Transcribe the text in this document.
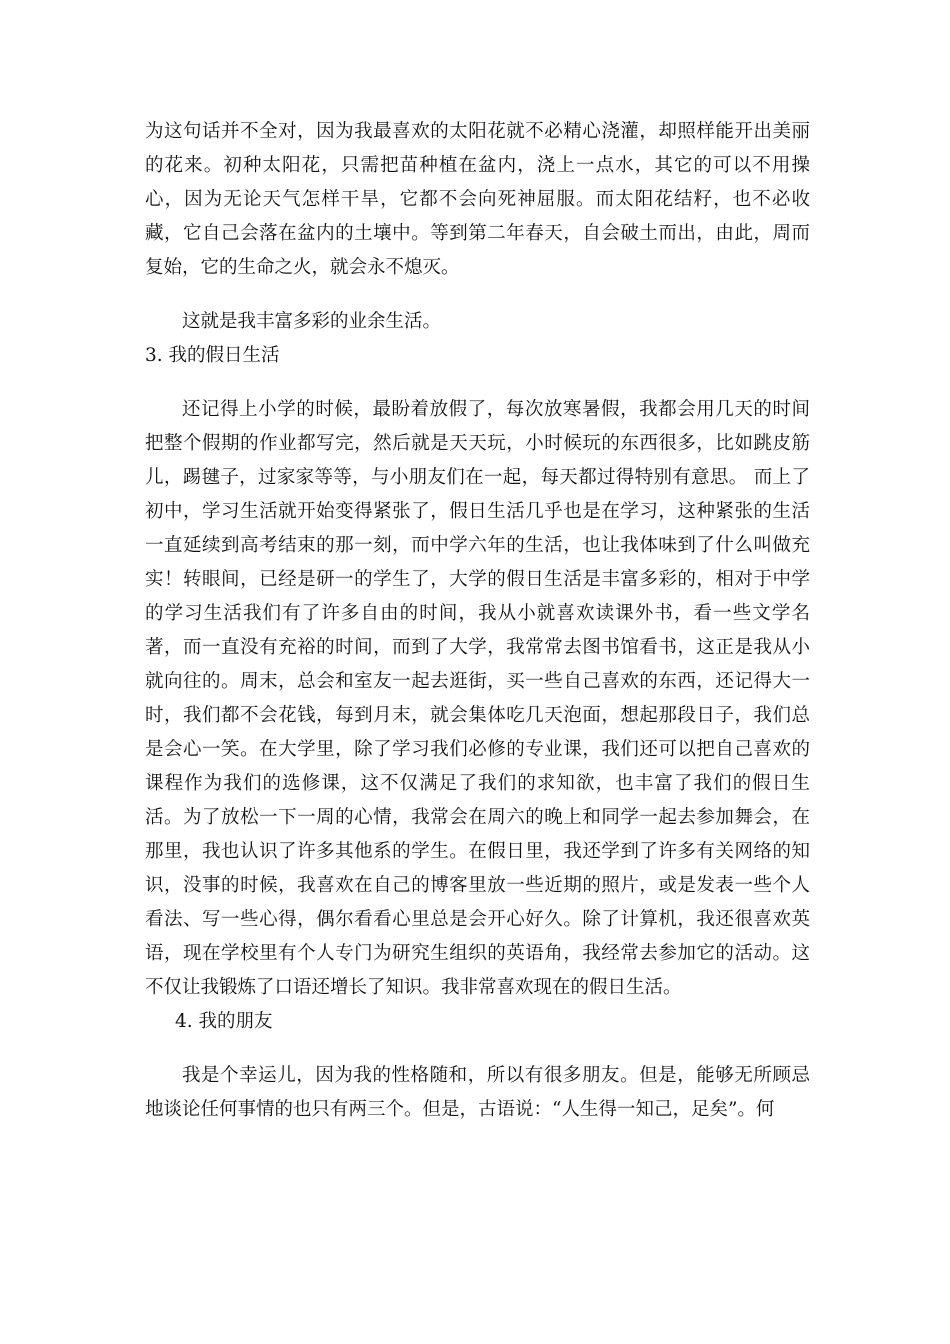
为这句话并不全对，因为我最喜欢的太阳花就不必精心浇灌，却照样能开出美丽的花来。初种太阳花，只需把苗种植在盆内，浇上一点水，其它的可以不用操心，因为无论天气怎样干旱，它都不会向死神屈服。而太阳花结籽，也不必收藏，它自己会落在盆内的土壤中。等到第二年春天，自会破土而出，由此，周而复始，它的生命之火，就会永不熄灭。

这就是我丰富多彩的业余生活。

3. 我的假日生活

还记得上小学的时候，最盼着放假了，每次放寒暑假，我都会用几天的时间把整个假期的作业都写完，然后就是天天玩，小时候玩的东西很多，比如跳皮筋儿，踢毽子，过家家等等，与小朋友们在一起，每天都过得特别有意思。 而上了初中，学习生活就开始变得紧张了，假日生活几乎也是在学习，这种紧张的生活一直延续到高考结束的那一刻，而中学六年的生活，也让我体味到了什么叫做充实！转眼间，已经是研一的学生了，大学的假日生活是丰富多彩的，相对于中学的学习生活我们有了许多自由的时间，我从小就喜欢读课外书，看一些文学名著，而一直没有充裕的时间，而到了大学，我常常去图书馆看书，这正是我从小就向往的。周末，总会和室友一起去逛街，买一些自己喜欢的东西，还记得大一时，我们都不会花钱，每到月末，就会集体吃几天泡面，想起那段日子，我们总是会心一笑。在大学里，除了学习我们必修的专业课，我们还可以把自己喜欢的课程作为我们的选修课，这不仅满足了我们的求知欲，也丰富了我们的假日生活。为了放松一下一周的心情，我常会在周六的晚上和同学一起去参加舞会，在那里，我也认识了许多其他系的学生。在假日里，我还学到了许多有关网络的知识，没事的时候，我喜欢在自己的博客里放一些近期的照片，或是发表一些个人看法、写一些心得，偶尔看看心里总是会开心好久。除了计算机，我还很喜欢英语，现在学校里有个人专门为研究生组织的英语角，我经常去参加它的活动。这不仅让我锻炼了口语还增长了知识。我非常喜欢现在的假日生活。

4. 我的朋友

我是个幸运儿，因为我的性格随和，所以有很多朋友。但是，能够无所顾忌地谈论任何事情的也只有两三个。但是，古语说：“人生得一知己，足矣”。何
